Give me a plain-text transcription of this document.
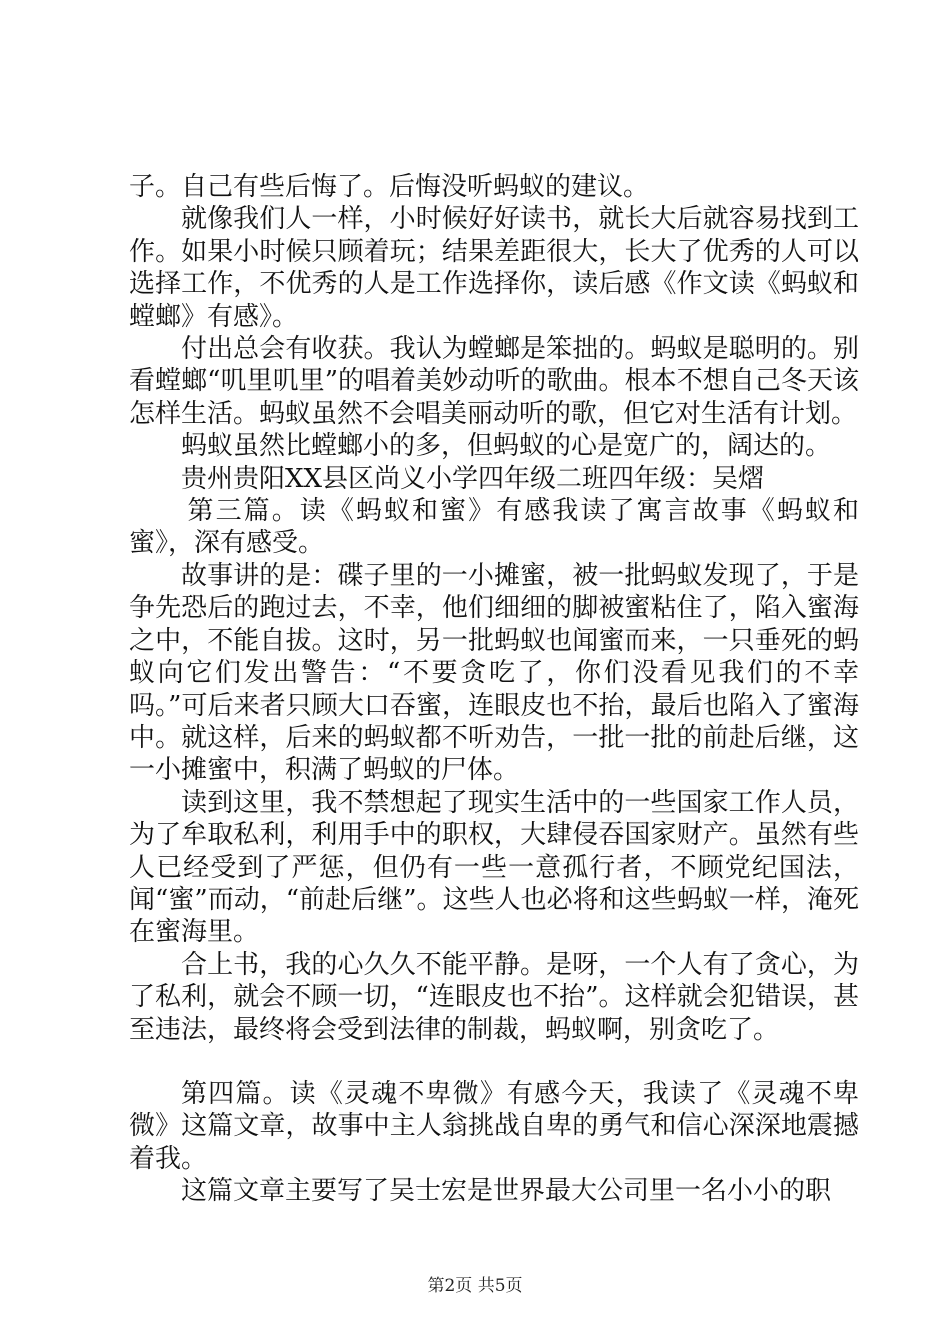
子。自己有些后悔了。后悔没听蚂蚁的建议。

就像我们人一样，小时候好好读书，就长大后就容易找到工作。如果小时候只顾着玩；结果差距很大，长大了优秀的人可以选择工作，不优秀的人是工作选择你，读后感《作文读《蚂蚁和螳螂》有感》。

付出总会有收获。我认为螳螂是笨拙的。蚂蚁是聪明的。别看螳螂“叽里叽里”的唱着美妙动听的歌曲。根本不想自己冬天该怎样生活。蚂蚁虽然不会唱美丽动听的歌，但它对生活有计划。

蚂蚁虽然比螳螂小的多，但蚂蚁的心是宽广的，阔达的。

贵州贵阳XX县区尚义小学四年级二班四年级：吴熠

第三篇。读《蚂蚁和蜜》有感我读了寓言故事《蚂蚁和蜜》，深有感受。

故事讲的是：碟子里的一小摊蜜，被一批蚂蚁发现了，于是争先恐后的跑过去，不幸，他们细细的脚被蜜粘住了，陷入蜜海之中，不能自拔。这时，另一批蚂蚁也闻蜜而来，一只垂死的蚂蚁向它们发出警告：“不要贪吃了，你们没看见我们的不幸吗。”可后来者只顾大口吞蜜，连眼皮也不抬，最后也陷入了蜜海中。就这样，后来的蚂蚁都不听劝告，一批一批的前赴后继，这一小摊蜜中，积满了蚂蚁的尸体。

读到这里，我不禁想起了现实生活中的一些国家工作人员，为了牟取私利，利用手中的职权，大肆侵吞国家财产。虽然有些人已经受到了严惩，但仍有一些一意孤行者，不顾党纪国法，闻“蜜”而动，“前赴后继”。这些人也必将和这些蚂蚁一样，淹死在蜜海里。

合上书，我的心久久不能平静。是呀，一个人有了贪心，为了私利，就会不顾一切，“连眼皮也不抬”。这样就会犯错误，甚至违法，最终将会受到法律的制裁，蚂蚁啊，别贪吃了。

第四篇。读《灵魂不卑微》有感今天，我读了《灵魂不卑微》这篇文章，故事中主人翁挑战自卑的勇气和信心深深地震撼着我。

这篇文章主要写了吴士宏是世界最大公司里一名小小的职

第2页 共5页
